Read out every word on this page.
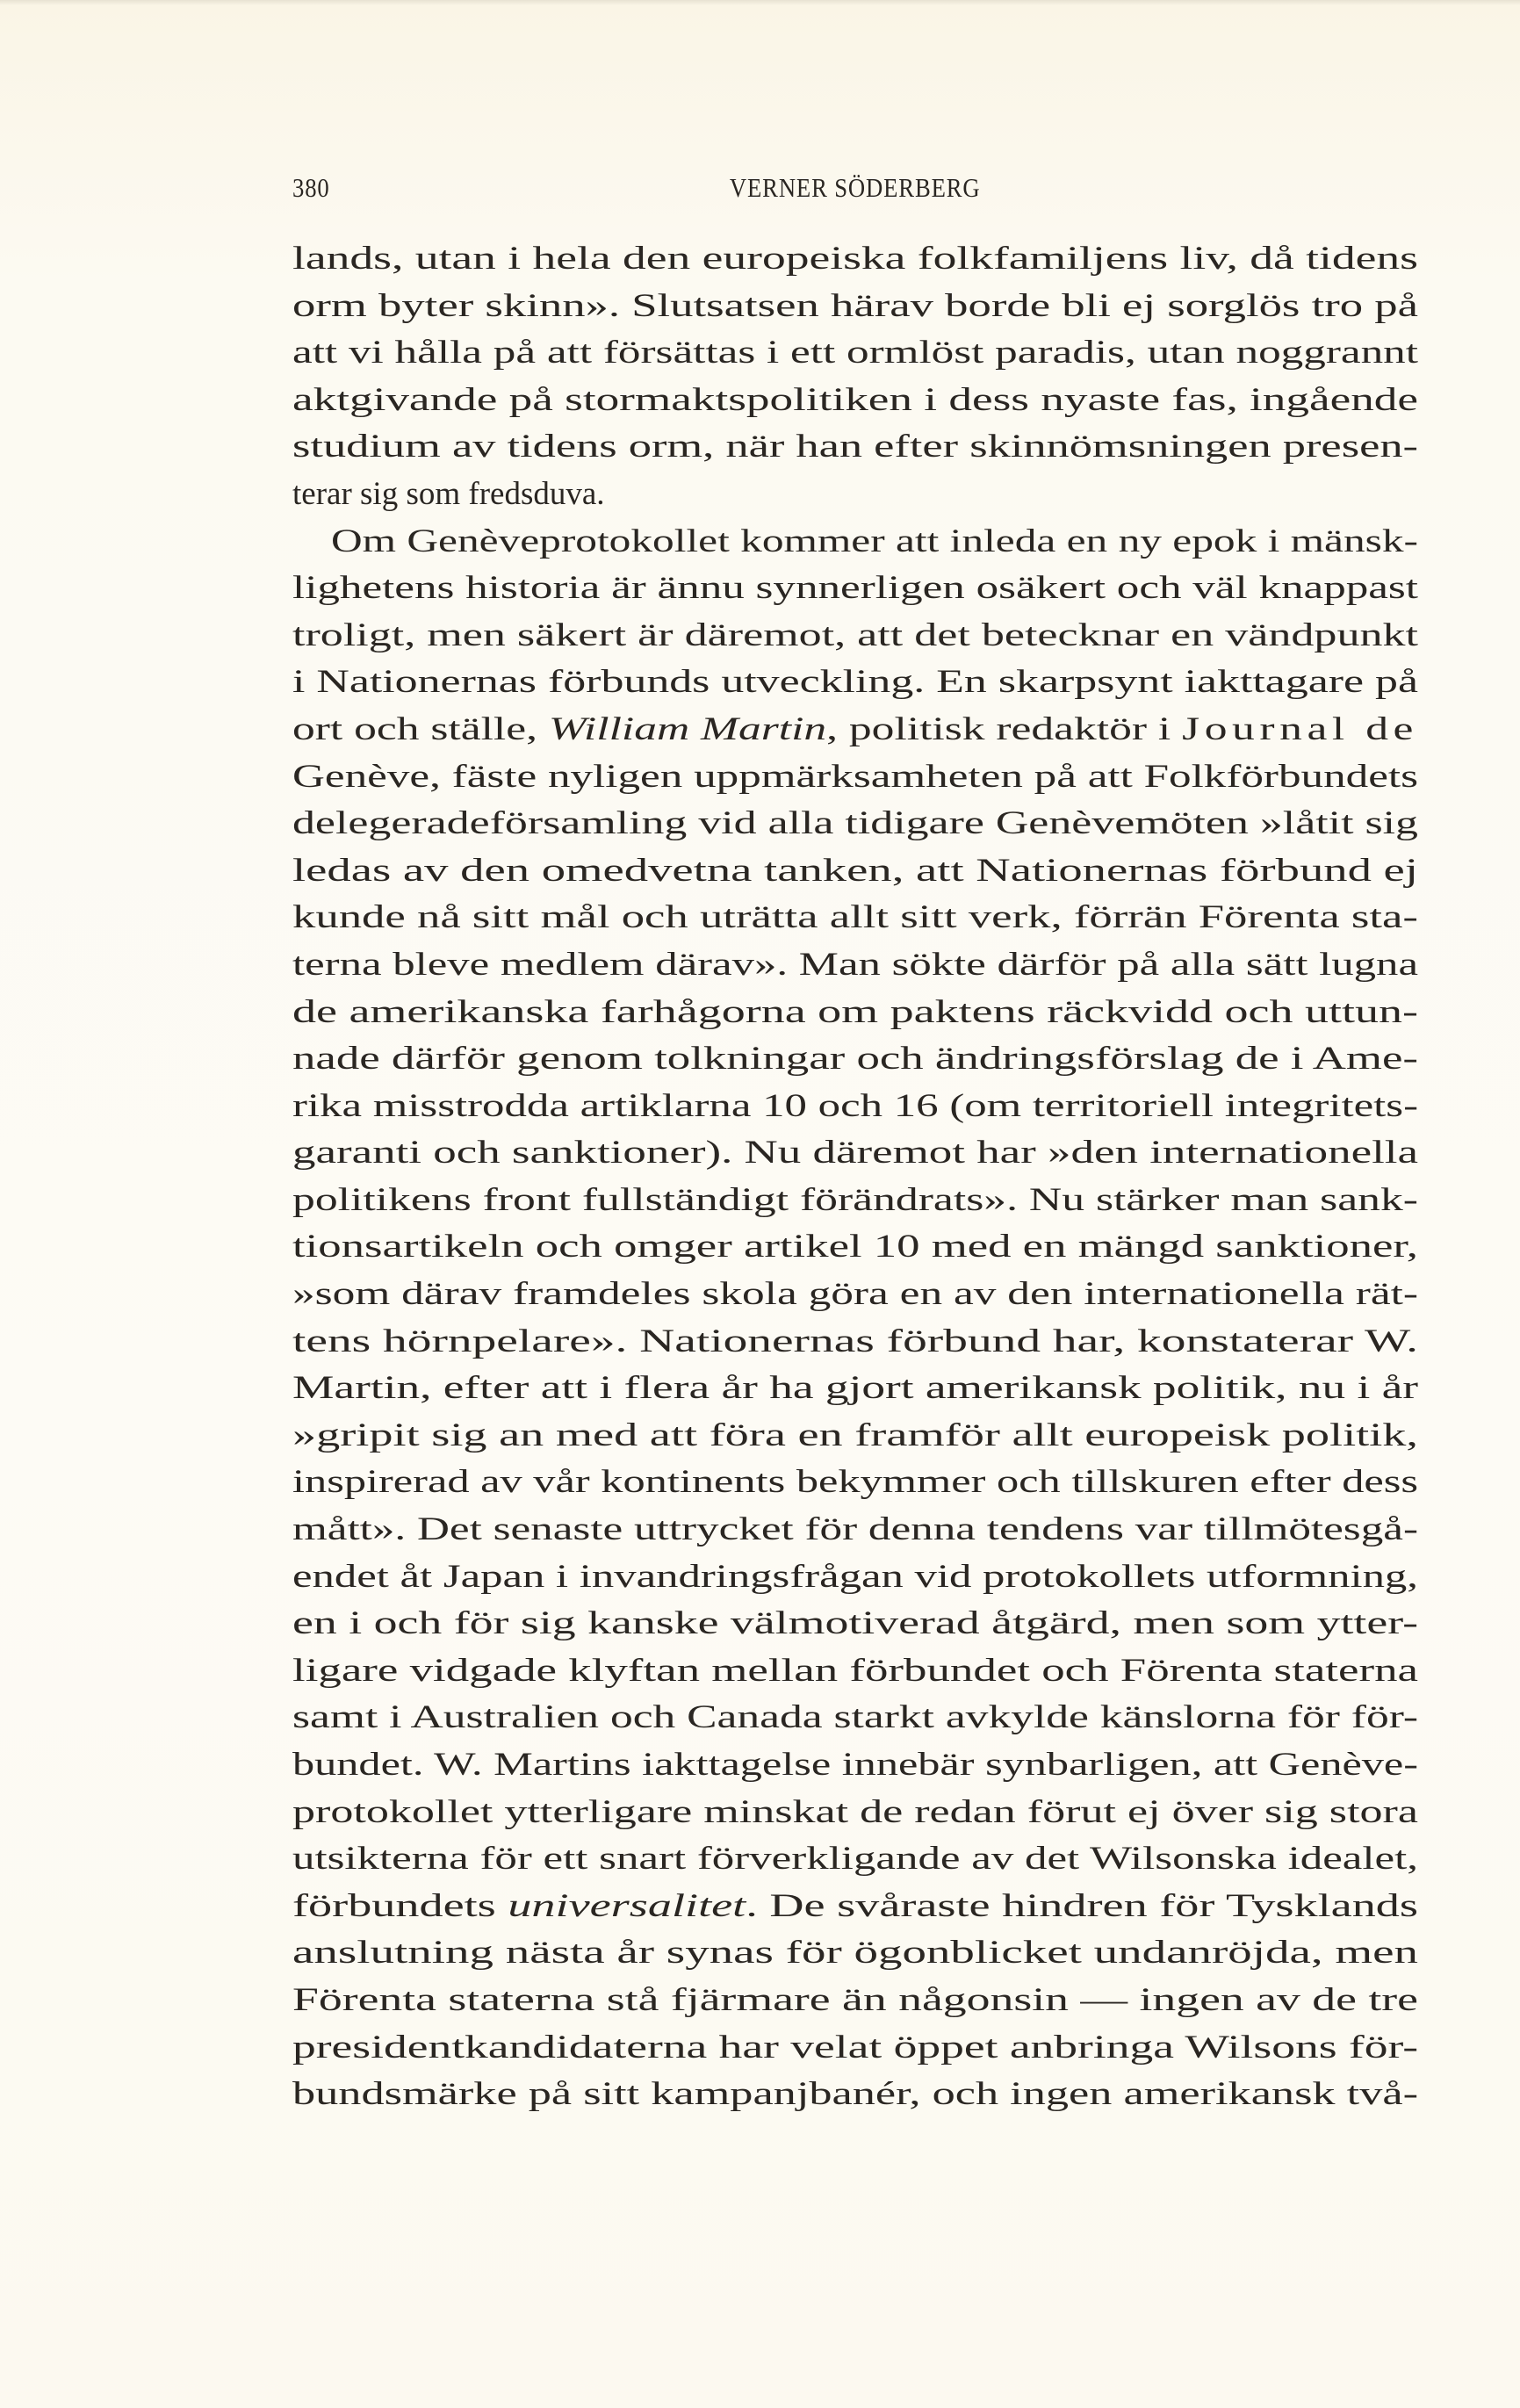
380	VERNER SÖDERBERG
lands, utan i hela den europeiska folkfamiljens liv, då tidens
orm byter skinn». Slutsatsen härav borde bli ej sorglös tro på
att vi hålla på att försättas i ett ormlöst paradis, utan noggrannt
aktgivande på stormaktspolitiken i dess nyaste fas, ingående
studium av tidens orm, när han efter skinnömsningen presen-
terar sig som fredsduva.
Om Genèveprotokollet kommer att inleda en ny epok i mänsk-
lighetens historia är ännu synnerligen osäkert och väl knappast
troligt, men säkert är däremot, att det betecknar en vändpunkt
i Nationernas förbunds utveckling. En skarpsynt iakttagare på
ort och ställe, William Martin, politisk redaktör i Journal de
Genève, fäste nyligen uppmärksamheten på att Folkförbundets
delegeradeförsamling vid alla tidigare Genèvemöten »låtit sig
ledas av den omedvetna tanken, att Nationernas förbund ej
kunde nå sitt mål och uträtta allt sitt verk, förrän Förenta sta-
terna bleve medlem därav». Man sökte därför på alla sätt lugna
de amerikanska farhågorna om paktens räckvidd och uttun-
nade därför genom tolkningar och ändringsförslag de i Ame-
rika misstrodda artiklarna 10 och 16 (om territoriell integritets-
garanti och sanktioner). Nu däremot har »den internationella
politikens front fullständigt förändrats». Nu stärker man sank-
tionsartikeln och omger artikel 10 med en mängd sanktioner,
»som därav framdeles skola göra en av den internationella rät-
tens hörnpelare». Nationernas förbund har, konstaterar W.
Martin, efter att i flera år ha gjort amerikansk politik, nu i år
»gripit sig an med att föra en framför allt europeisk politik,
inspirerad av vår kontinents bekymmer och tillskuren efter dess
mått». Det senaste uttrycket för denna tendens var tillmötesgå-
endet åt Japan i invandringsfrågan vid protokollets utformning,
en i och för sig kanske välmotiverad åtgärd, men som ytter-
ligare vidgade klyftan mellan förbundet och Förenta staterna
samt i Australien och Canada starkt avkylde känslorna för för-
bundet. W. Martins iakttagelse innebär synbarligen, att Genève-
protokollet ytterligare minskat de redan förut ej över sig stora
utsikterna för ett snart förverkligande av det Wilsonska idealet,
förbundets universalitet. De svåraste hindren för Tysklands
anslutning nästa år synas för ögonblicket undanröjda, men
Förenta staterna stå fjärmare än någonsin — ingen av de tre
presidentkandidaterna har velat öppet anbringa Wilsons för-
bundsmärke på sitt kampanjbanér, och ingen amerikansk två-
